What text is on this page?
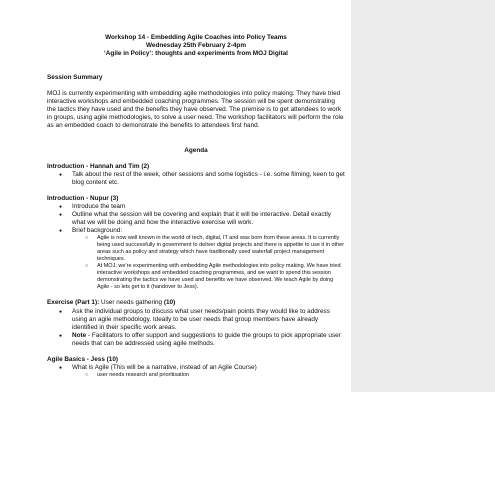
Workshop 14 - Embedding Agile Coaches into Policy Teams
Wednesday 25th February 2-4pm
‘Agile in Policy’: thoughts and experiments from MOJ Digital
Session Summary

MOJ is currently experimenting with embedding agile methodologies into policy making. They have tried interactive workshops and embedded coaching programmes. The session will be spent demonstrating the tactics they have used and the benefits they have observed. The premise is to get attendees to work in groups, using agile methodologies, to solve a user need. The workshop facilitators will perform the role as an embedded coach to demonstrate the benefits to attendees first hand.

Agenda
Introduction - Hannah and Tim (2)
● Talk about the rest of the week, other sessions and some logistics - i.e. some filming, keen to get blog content etc.
Introduction - Nupur (3)
● Introduce the team
● Outline what the session will be covering and explain that it will be interactive. Detail exactly what we will be doing and how the interactive exercise will work.
● Brief background:
○ Agile is now well known in the world of tech, digital, IT and was born from these areas. It is currently being used successfully in government to deliver digital projects and there is appetite to use it in other areas such as policy and strategy which have traditionally used waterfall project management techniques.
○ At MOJ, we’re experimenting with embedding Agile methodologies into policy making. We have tried interactive workshops and embedded coaching programmes, and we want to spend this session demonstrating the tactics we have used and benefits we have observed. We teach Agile by doing Agile - so lets get to it (handover to Jess).
Exercise (Part 1): User needs gathering (10)
● Ask the individual groups to discuss what user needs/pain points they would like to address using an agile methodology. Ideally to be user needs that group members have already identified in their specific work areas.
● Note - Facilitators to offer support and suggestions to guide the groups to pick appropriate user needs that can be addressed using agile methods.
Agile Basics - Jess (10)
● What is Agile (This will be a narrative, instead of an Agile Course)
○ user needs research and prioritisation
